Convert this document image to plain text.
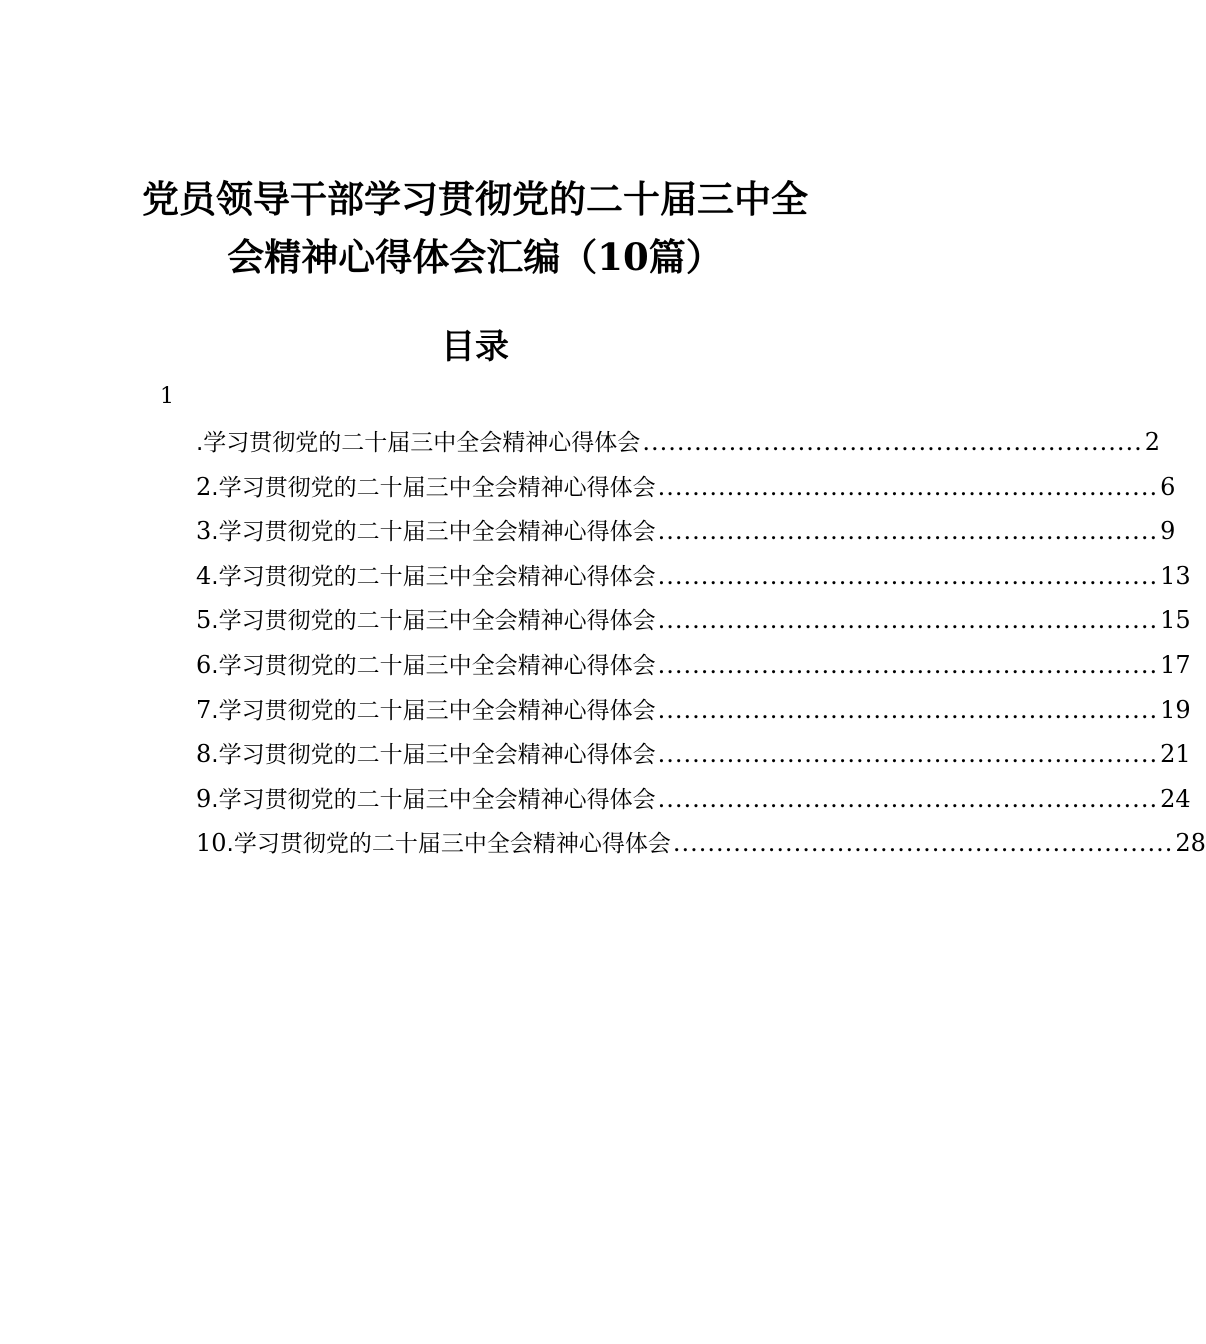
党员领导干部学习贯彻党的二十届三中全
会精神心得体会汇编（10篇）
目录
1
.学习贯彻党的二十届三中全会精神心得体会 .......................................................... 2
2.学习贯彻党的二十届三中全会精神心得体会 .......................................................... 6
3.学习贯彻党的二十届三中全会精神心得体会 .......................................................... 9
4.学习贯彻党的二十届三中全会精神心得体会 .......................................................... 13
5.学习贯彻党的二十届三中全会精神心得体会 .......................................................... 15
6.学习贯彻党的二十届三中全会精神心得体会 .......................................................... 17
7.学习贯彻党的二十届三中全会精神心得体会 .......................................................... 19
8.学习贯彻党的二十届三中全会精神心得体会 .......................................................... 21
9.学习贯彻党的二十届三中全会精神心得体会 .......................................................... 24
10.学习贯彻党的二十届三中全会精神心得体会 .......................................................... 28
